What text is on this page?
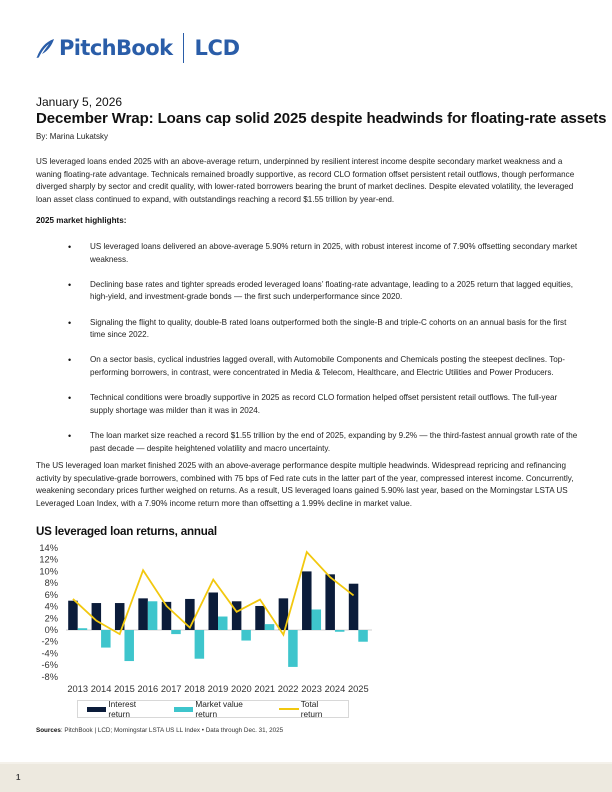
PitchBook LCD
January 5, 2026
December Wrap: Loans cap solid 2025 despite headwinds for floating-rate assets
By: Marina Lukatsky

US leveraged loans ended 2025 with an above-average return, underpinned by resilient interest income despite secondary market weakness and a waning floating-rate advantage. Technicals remained broadly supportive, as record CLO formation offset persistent retail outflows, though performance diverged sharply by sector and credit quality, with lower-rated borrowers bearing the brunt of market declines. Despite elevated volatility, the leveraged loan asset class continued to expand, with outstandings reaching a record $1.55 trillion by year-end.

2025 market highlights:
• US leveraged loans delivered an above-average 5.90% return in 2025, with robust interest income of 7.90% offsetting secondary market weakness.
• Declining base rates and tighter spreads eroded leveraged loans’ floating-rate advantage, leading to a 2025 return that lagged equities, high-yield, and investment-grade bonds — the first such underperformance since 2020.
• Signaling the flight to quality, double-B rated loans outperformed both the single-B and triple-C cohorts on an annual basis for the first time since 2022.
• On a sector basis, cyclical industries lagged overall, with Automobile Components and Chemicals posting the steepest declines. Top-performing borrowers, in contrast, were concentrated in Media & Telecom, Healthcare, and Electric Utilities and Power Producers.
• Technical conditions were broadly supportive in 2025 as record CLO formation helped offset persistent retail outflows. The full-year supply shortage was milder than it was in 2024.
• The loan market size reached a record $1.55 trillion by the end of 2025, expanding by 9.2% — the third-fastest annual growth rate of the past decade — despite heightened volatility and macro uncertainty.

The US leveraged loan market finished 2025 with an above-average performance despite multiple headwinds. Widespread repricing and refinancing activity by speculative-grade borrowers, combined with 75 bps of Fed rate cuts in the latter part of the year, compressed interest income. Concurrently, weakening secondary prices further weighed on returns. As a result, US leveraged loans gained 5.90% last year, based on the Morningstar LSTA US Leveraged Loan Index, with a 7.90% income return more than offsetting a 1.99% decline in market value.

US leveraged loan returns, annual
14%
12%
10%
8%
6%
4%
2%
0%
-2%
-4%
-6%
-8%
2013 2014 2015 2016 2017 2018 2019 2020 2021 2022 2023 2024 2025
Interest return
Market value return
Total return
Sources: PitchBook | LCD; Morningstar LSTA US LL Index • Data through Dec. 31, 2025
1
